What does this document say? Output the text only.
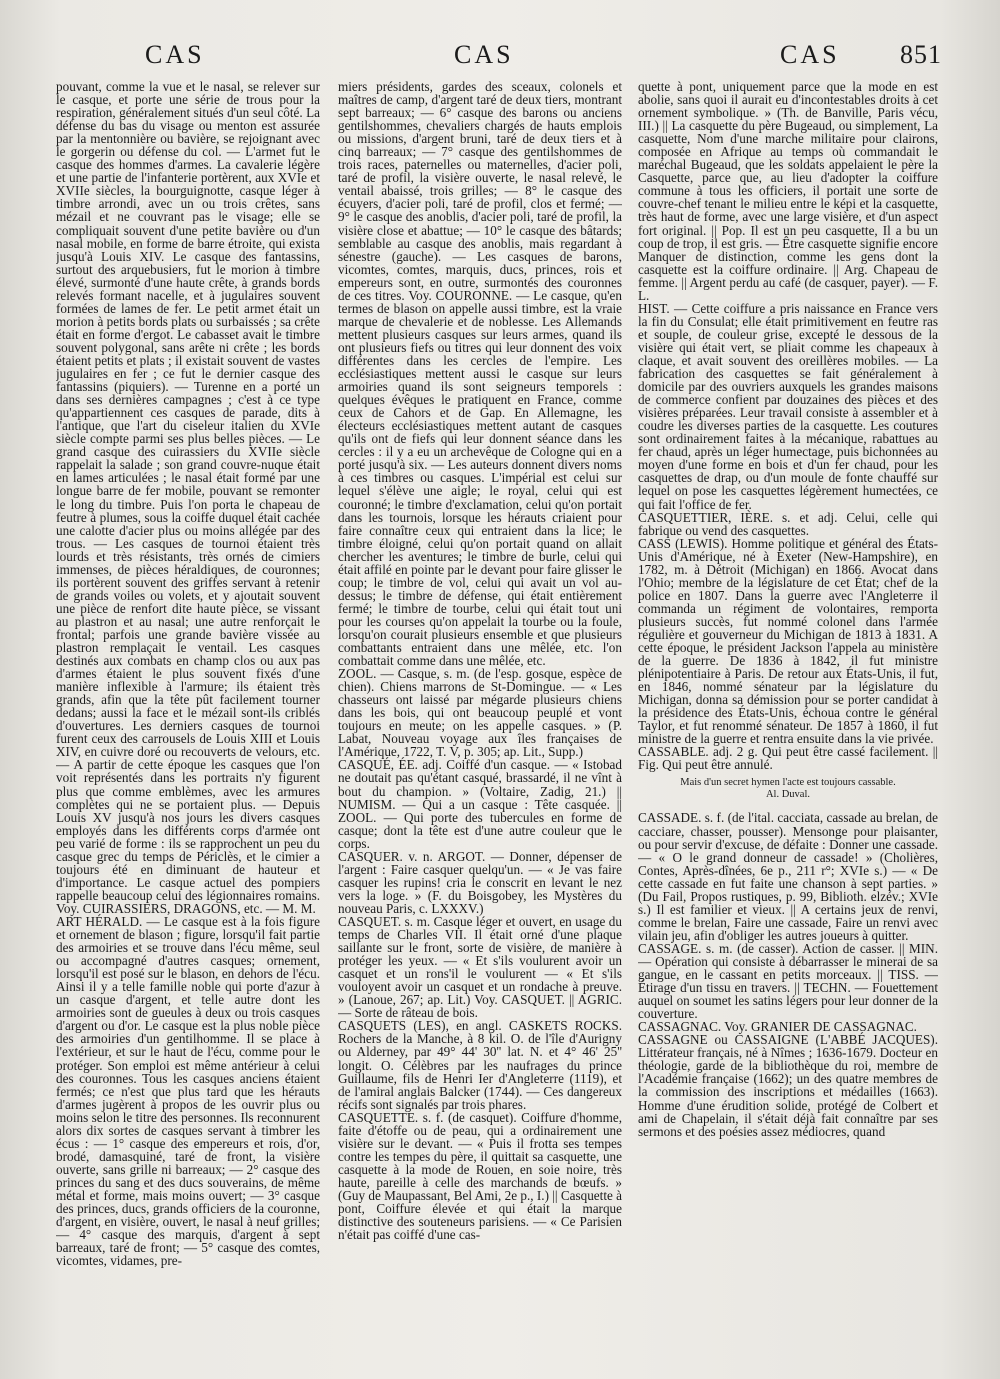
CAS	CAS	CAS 851

pouvant, comme la vue et le nasal, se relever sur le casque, et porte une série de trous pour la respiration, généralement situés d'un seul côté. La défense du bas du visage ou menton est assurée par la mentonnière ou bavière, se rejoignant avec le gorgerin ou défense du col. — L'armet fut le casque des hommes d'armes. La cavalerie légère et une partie de l'infanterie portèrent, aux XVIe et XVIIe siècles, la bourguignotte, casque léger à timbre arrondi, avec un ou trois crêtes, sans mézail et ne couvrant pas le visage; elle se compliquait souvent d'une petite bavière ou d'un nasal mobile, en forme de barre étroite, qui exista jusqu'à Louis XIV. Le casque des fantassins, surtout des arquebusiers, fut le morion à timbre élevé, surmonté d'une haute crête, à grands bords relevés formant nacelle, et à jugulaires souvent formées de lames de fer. Le petit armet était un morion à petits bords plats ou surbaissés ; sa crête était en forme d'ergot. Le cabasset avait le timbre souvent polygonal, sans arête ni crête ; les bords étaient petits et plats ; il existait souvent de vastes jugulaires en fer ; ce fut le dernier casque des fantassins (piquiers). — Turenne en a porté un dans ses dernières campagnes ; c'est à ce type qu'appartiennent ces casques de parade, dits à l'antique, que l'art du ciseleur italien du XVIe siècle compte parmi ses plus belles pièces. — Le grand casque des cuirassiers du XVIIe siècle rappelait la salade ; son grand couvre-nuque était en lames articulées ; le nasal était formé par une longue barre de fer mobile, pouvant se remonter le long du timbre. Puis l'on porta le chapeau de feutre à plumes, sous la coiffe duquel était cachée une calotte d'acier plus ou moins allégée par des trous. — Les casques de tournoi étaient très lourds et très résistants, très ornés de cimiers immenses, de pièces héraldiques, de couronnes; ils portèrent souvent des griffes servant à retenir de grands voiles ou volets, et y ajoutait souvent une pièce de renfort dite haute pièce, se vissant au plastron et au nasal; une autre renforçait le frontal; parfois une grande bavière vissée au plastron remplaçait le ventail. Les casques destinés aux combats en champ clos ou aux pas d'armes étaient le plus souvent fixés d'une manière inflexible à l'armure; ils étaient très grands, afin que la tête pût facilement tourner dedans; aussi la face et le mézail sont-ils criblés d'ouvertures. Les derniers casques de tournoi furent ceux des carrousels de Louis XIII et Louis XIV, en cuivre doré ou recouverts de velours, etc. — A partir de cette époque les casques que l'on voit représentés dans les portraits n'y figurent plus que comme emblèmes, avec les armures complètes qui ne se portaient plus. — Depuis Louis XV jusqu'à nos jours les divers casques employés dans les différents corps d'armée ont peu varié de forme : ils se rapprochent un peu du casque grec du temps de Périclès, et le cimier a toujours été en diminuant de hauteur et d'importance. Le casque actuel des pompiers rappelle beaucoup celui des légionnaires romains. Voy. CUIRASSIERS, DRAGONS, etc. — M. M.

ART HÉRALD. — Le casque est à la fois figure et ornement de blason ; figure, lorsqu'il fait partie des armoiries et se trouve dans l'écu même, seul ou accompagné d'autres casques; ornement, lorsqu'il est posé sur le blason, en dehors de l'écu. Ainsi il y a telle famille noble qui porte d'azur à un casque d'argent, et telle autre dont les armoiries sont de gueules à deux ou trois casques d'argent ou d'or. Le casque est la plus noble pièce des armoiries d'un gentilhomme. Il se place à l'extérieur, et sur le haut de l'écu, comme pour le protéger. Son emploi est même antérieur à celui des couronnes. Tous les casques anciens étaient fermés; ce n'est que plus tard que les hérauts d'armes jugèrent à propos de les ouvrir plus ou moins selon le titre des personnes. Ils reconnurent alors dix sortes de casques servant à timbrer les écus : — 1° casque des empereurs et rois, d'or, brodé, damasquiné, taré de front, la visière ouverte, sans grille ni barreaux; — 2° casque des princes du sang et des ducs souverains, de même métal et forme, mais moins ouvert; — 3° casque des princes, ducs, grands officiers de la couronne, d'argent, en visière, ouvert, le nasal à neuf grilles; — 4° casque des marquis, d'argent à sept barreaux, taré de front; — 5° casque des comtes, vicomtes, vidames, pre-

miers présidents, gardes des sceaux, colonels et maîtres de camp, d'argent taré de deux tiers, montrant sept barreaux; — 6° casque des barons ou anciens gentilshommes, chevaliers chargés de hauts emplois ou missions, d'argent bruni, taré de deux tiers et à cinq barreaux; — 7° casque des gentilshommes de trois races, paternelles ou maternelles, d'acier poli, taré de profil, la visière ouverte, le nasal relevé, le ventail abaissé, trois grilles; — 8° le casque des écuyers, d'acier poli, taré de profil, clos et fermé; — 9° le casque des anoblis, d'acier poli, taré de profil, la visière close et abattue; — 10° le casque des bâtards; semblable au casque des anoblis, mais regardant à sénestre (gauche). — Les casques de barons, vicomtes, comtes, marquis, ducs, princes, rois et empereurs sont, en outre, surmontés des couronnes de ces titres. Voy. COURONNE. — Le casque, qu'en termes de blason on appelle aussi timbre, est la vraie marque de chevalerie et de noblesse. Les Allemands mettent plusieurs casques sur leurs armes, quand ils ont plusieurs fiefs ou titres qui leur donnent des voix différentes dans les cercles de l'empire. Les ecclésiastiques mettent aussi le casque sur leurs armoiries quand ils sont seigneurs temporels : quelques évêques le pratiquent en France, comme ceux de Cahors et de Gap. En Allemagne, les électeurs ecclésiastiques mettent autant de casques qu'ils ont de fiefs qui leur donnent séance dans les cercles : il y a eu un archevêque de Cologne qui en a porté jusqu'à six. — Les auteurs donnent divers noms à ces timbres ou casques. L'impérial est celui sur lequel s'élève une aigle; le royal, celui qui est couronné; le timbre d'exclamation, celui qu'on portait dans les tournois, lorsque les hérauts criaient pour faire connaître ceux qui entraient dans la lice; le timbre éloigné, celui qu'on portait quand on allait chercher les aventures; le timbre de burle, celui qui était affilé en pointe par le devant pour faire glisser le coup; le timbre de vol, celui qui avait un vol au-dessus; le timbre de défense, qui était entièrement fermé; le timbre de tourbe, celui qui était tout uni pour les courses qu'on appelait la tourbe ou la foule, lorsqu'on courait plusieurs ensemble et que plusieurs combattants entraient dans une mêlée, etc. l'on combattait comme dans une mêlée, etc.

ZOOL. — Casque, s. m. (de l'esp. gosque, espèce de chien). Chiens marrons de St-Domingue. — « Les chasseurs ont laissé par mégarde plusieurs chiens dans les bois, qui ont beaucoup peuplé et vont toujours en meute; on les appelle casques. » (P. Labat, Nouveau voyage aux îles françaises de l'Amérique, 1722, T. V, p. 305; ap. Lit., Supp.)

CASQUÉ, ÉE. adj. Coiffé d'un casque. — « Istobad ne doutait pas qu'étant casqué, brassardé, il ne vînt à bout du champion. » (Voltaire, Zadig, 21.) || NUMISM. — Qui a un casque : Tête casquée. || ZOOL. — Qui porte des tubercules en forme de casque; dont la tête est d'une autre couleur que le corps.

CASQUER. v. n. ARGOT. — Donner, dépenser de l'argent : Faire casquer quelqu'un. — « Je vas faire casquer les rupins! cria le conscrit en levant le nez vers la loge. » (F. du Boisgobey, les Mystères du nouveau Paris, c. LXXXV.)

CASQUET. s. m. Casque léger et ouvert, en usage du temps de Charles VII. Il était orné d'une plaque saillante sur le front, sorte de visière, de manière à protéger les yeux. — « Et s'ils voulurent avoir un casquet et un rons'il le voulurent — « Et s'ils vouloyent avoir un casquet et un rondache à preuve. » (Lanoue, 267; ap. Lit.) Voy. CASQUET. || AGRIC. — Sorte de râteau de bois.

CASQUETS (LES), en angl. CASKETS ROCKS. Rochers de la Manche, à 8 kil. O. de l'île d'Aurigny ou Alderney, par 49° 44' 30'' lat. N. et 4° 46' 25'' longit. O. Célèbres par les naufrages du prince Guillaume, fils de Henri Ier d'Angleterre (1119), et de l'amiral anglais Balcker (1744). — Ces dangereux récifs sont signalés par trois phares.

CASQUETTE. s. f. (de casquet). Coiffure d'homme, faite d'étoffe ou de peau, qui a ordinairement une visière sur le devant. — « Puis il frotta ses tempes contre les tempes du père, il quittait sa casquette, une casquette à la mode de Rouen, en soie noire, très haute, pareille à celle des marchands de bœufs. » (Guy de Maupassant, Bel Ami, 2e p., I.) || Casquette à pont, Coiffure élevée et qui était la marque distinctive des souteneurs parisiens. — « Ce Parisien n'était pas coiffé d'une cas-

quette à pont, uniquement parce que la mode en est abolie, sans quoi il aurait eu d'incontestables droits à cet ornement symbolique. » (Th. de Banville, Paris vécu, III.) || La casquette du père Bugeaud, ou simplement, La casquette, Nom d'une marche militaire pour clairons, composée en Afrique au temps où commandait le maréchal Bugeaud, que les soldats appelaient le père la Casquette, parce que, au lieu d'adopter la coiffure commune à tous les officiers, il portait une sorte de couvre-chef tenant le milieu entre le képi et la casquette, très haut de forme, avec une large visière, et d'un aspect fort original. || Pop. Il est un peu casquette, Il a bu un coup de trop, il est gris. — Être casquette signifie encore Manquer de distinction, comme les gens dont la casquette est la coiffure ordinaire. || Arg. Chapeau de femme. || Argent perdu au café (de casquer, payer). — F. L.

HIST. — Cette coiffure a pris naissance en France vers la fin du Consulat; elle était primitivement en feutre ras et souple, de couleur grise, excepté le dessous de la visière qui était vert, se pliait comme les chapeaux à claque, et avait souvent des oreillères mobiles. — La fabrication des casquettes se fait généralement à domicile par des ouvriers auxquels les grandes maisons de commerce confient par douzaines des pièces et des visières préparées. Leur travail consiste à assembler et à coudre les diverses parties de la casquette. Les coutures sont ordinairement faites à la mécanique, rabattues au fer chaud, après un léger humectage, puis bichonnées au moyen d'une forme en bois et d'un fer chaud, pour les casquettes de drap, ou d'un moule de fonte chauffé sur lequel on pose les casquettes légèrement humectées, ce qui fait l'office de fer.

CASQUETTIER, IÈRE. s. et adj. Celui, celle qui fabrique ou vend des casquettes.

CASS (LEWIS). Homme politique et général des États-Unis d'Amérique, né à Exeter (New-Hampshire), en 1782, m. à Détroit (Michigan) en 1866. Avocat dans l'Ohio; membre de la législature de cet État; chef de la police en 1807. Dans la guerre avec l'Angleterre il commanda un régiment de volontaires, remporta plusieurs succès, fut nommé colonel dans l'armée régulière et gouverneur du Michigan de 1813 à 1831. A cette époque, le président Jackson l'appela au ministère de la guerre. De 1836 à 1842, il fut ministre plénipotentiaire à Paris. De retour aux États-Unis, il fut, en 1846, nommé sénateur par la législature du Michigan, donna sa démission pour se porter candidat à la présidence des États-Unis, échoua contre le général Taylor, et fut renommé sénateur. De 1857 à 1860, il fut ministre de la guerre et rentra ensuite dans la vie privée.

CASSABLE. adj. 2 g. Qui peut être cassé facilement. || Fig. Qui peut être annulé.

Mais d'un secret hymen l'acte est toujours cassable.
Al. Duval.

CASSADE. s. f. (de l'ital. cacciata, cassade au brelan, de cacciare, chasser, pousser). Mensonge pour plaisanter, ou pour servir d'excuse, de défaite : Donner une cassade. — « O le grand donneur de cassade! » (Cholières, Contes, Après-dînées, 6e p., 211 r°; XVIe s.) — « De cette cassade en fut faite une chanson à sept parties. » (Du Fail, Propos rustiques, p. 99, Biblioth. elzév.; XVIe s.) Il est familier et vieux. || A certains jeux de renvi, comme le brelan, Faire une cassade, Faire un renvi avec vilain jeu, afin d'obliger les autres joueurs à quitter.

CASSAGE. s. m. (de casser). Action de casser. || MIN. — Opération qui consiste à débarrasser le minerai de sa gangue, en le cassant en petits morceaux. || TISS. — Étirage d'un tissu en travers. || TECHN. — Fouettement auquel on soumet les satins légers pour leur donner de la couverture.

CASSAGNAC. Voy. GRANIER DE CASSAGNAC.

CASSAGNE ou CASSAIGNE (L'ABBÉ JACQUES). Littérateur français, né à Nîmes ; 1636-1679. Docteur en théologie, garde de la bibliothèque du roi, membre de l'Académie française (1662); un des quatre membres de la commission des inscriptions et médailles (1663). Homme d'une érudition solide, protégé de Colbert et ami de Chapelain, il s'était déjà fait connaître par ses sermons et des poésies assez médiocres, quand
